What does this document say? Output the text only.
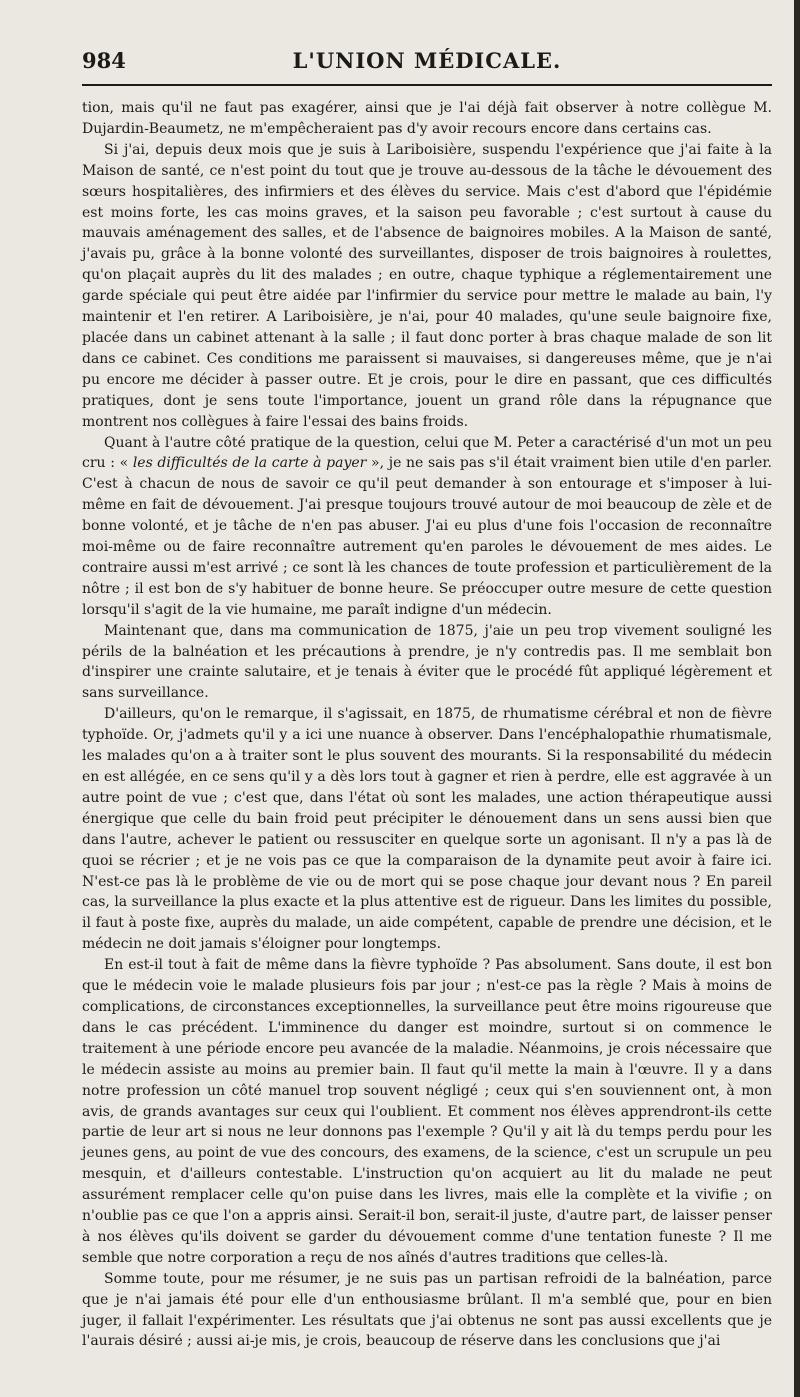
984	L'UNION MÉDICALE.

tion, mais qu'il ne faut pas exagérer, ainsi que je l'ai déjà fait observer à notre collègue M. Dujardin-Beaumetz, ne m'empêcheraient pas d'y avoir recours encore dans certains cas.

Si j'ai, depuis deux mois que je suis à Lariboisière, suspendu l'expérience que j'ai faite à la Maison de santé, ce n'est point du tout que je trouve au-dessous de la tâche le dévouement des sœurs hospitalières, des infirmiers et des élèves du service. Mais c'est d'abord que l'épidémie est moins forte, les cas moins graves, et la saison peu favorable ; c'est surtout à cause du mauvais aménagement des salles, et de l'absence de baignoires mobiles. A la Maison de santé, j'avais pu, grâce à la bonne volonté des surveillantes, disposer de trois baignoires à roulettes, qu'on plaçait auprès du lit des malades ; en outre, chaque typhique a réglementairement une garde spéciale qui peut être aidée par l'infirmier du service pour mettre le malade au bain, l'y maintenir et l'en retirer. A Lariboisière, je n'ai, pour 40 malades, qu'une seule baignoire fixe, placée dans un cabinet attenant à la salle ; il faut donc porter à bras chaque malade de son lit dans ce cabinet. Ces conditions me paraissent si mauvaises, si dangereuses même, que je n'ai pu encore me décider à passer outre. Et je crois, pour le dire en passant, que ces difficultés pratiques, dont je sens toute l'importance, jouent un grand rôle dans la répugnance que montrent nos collègues à faire l'essai des bains froids.

Quant à l'autre côté pratique de la question, celui que M. Peter a caractérisé d'un mot un peu cru : « les difficultés de la carte à payer », je ne sais pas s'il était vraiment bien utile d'en parler. C'est à chacun de nous de savoir ce qu'il peut demander à son entourage et s'imposer à lui-même en fait de dévouement. J'ai presque toujours trouvé autour de moi beaucoup de zèle et de bonne volonté, et je tâche de n'en pas abuser. J'ai eu plus d'une fois l'occasion de reconnaître moi-même ou de faire reconnaître autrement qu'en paroles le dévouement de mes aides. Le contraire aussi m'est arrivé ; ce sont là les chances de toute profession et particulièrement de la nôtre ; il est bon de s'y habituer de bonne heure. Se préoccuper outre mesure de cette question lorsqu'il s'agit de la vie humaine, me paraît indigne d'un médecin.

Maintenant que, dans ma communication de 1875, j'aie un peu trop vivement souligné les périls de la balnéation et les précautions à prendre, je n'y contredis pas. Il me semblait bon d'inspirer une crainte salutaire, et je tenais à éviter que le procédé fût appliqué légèrement et sans surveillance.

D'ailleurs, qu'on le remarque, il s'agissait, en 1875, de rhumatisme cérébral et non de fièvre typhoïde. Or, j'admets qu'il y a ici une nuance à observer. Dans l'encéphalopathie rhumatismale, les malades qu'on a à traiter sont le plus souvent des mourants. Si la responsabilité du médecin en est allégée, en ce sens qu'il y a dès lors tout à gagner et rien à perdre, elle est aggravée à un autre point de vue ; c'est que, dans l'état où sont les malades, une action thérapeutique aussi énergique que celle du bain froid peut précipiter le dénouement dans un sens aussi bien que dans l'autre, achever le patient ou ressusciter en quelque sorte un agonisant. Il n'y a pas là de quoi se récrier ; et je ne vois pas ce que la comparaison de la dynamite peut avoir à faire ici. N'est-ce pas là le problème de vie ou de mort qui se pose chaque jour devant nous ? En pareil cas, la surveillance la plus exacte et la plus attentive est de rigueur. Dans les limites du possible, il faut à poste fixe, auprès du malade, un aide compétent, capable de prendre une décision, et le médecin ne doit jamais s'éloigner pour longtemps.

En est-il tout à fait de même dans la fièvre typhoïde ? Pas absolument. Sans doute, il est bon que le médecin voie le malade plusieurs fois par jour ; n'est-ce pas la règle ? Mais à moins de complications, de circonstances exceptionnelles, la surveillance peut être moins rigoureuse que dans le cas précédent. L'imminence du danger est moindre, surtout si on commence le traitement à une période encore peu avancée de la maladie. Néanmoins, je crois nécessaire que le médecin assiste au moins au premier bain. Il faut qu'il mette la main à l'œuvre. Il y a dans notre profession un côté manuel trop souvent négligé ; ceux qui s'en souviennent ont, à mon avis, de grands avantages sur ceux qui l'oublient. Et comment nos élèves apprendront-ils cette partie de leur art si nous ne leur donnons pas l'exemple ? Qu'il y ait là du temps perdu pour les jeunes gens, au point de vue des concours, des examens, de la science, c'est un scrupule un peu mesquin, et d'ailleurs contestable. L'instruction qu'on acquiert au lit du malade ne peut assurément remplacer celle qu'on puise dans les livres, mais elle la complète et la vivifie ; on n'oublie pas ce que l'on a appris ainsi. Serait-il bon, serait-il juste, d'autre part, de laisser penser à nos élèves qu'ils doivent se garder du dévouement comme d'une tentation funeste ? Il me semble que notre corporation a reçu de nos aînés d'autres traditions que celles-là.

Somme toute, pour me résumer, je ne suis pas un partisan refroidi de la balnéation, parce que je n'ai jamais été pour elle d'un enthousiasme brûlant. Il m'a semblé que, pour en bien juger, il fallait l'expérimenter. Les résultats que j'ai obtenus ne sont pas aussi excellents que je l'aurais désiré ; aussi ai-je mis, je crois, beaucoup de réserve dans les conclusions que j'ai
